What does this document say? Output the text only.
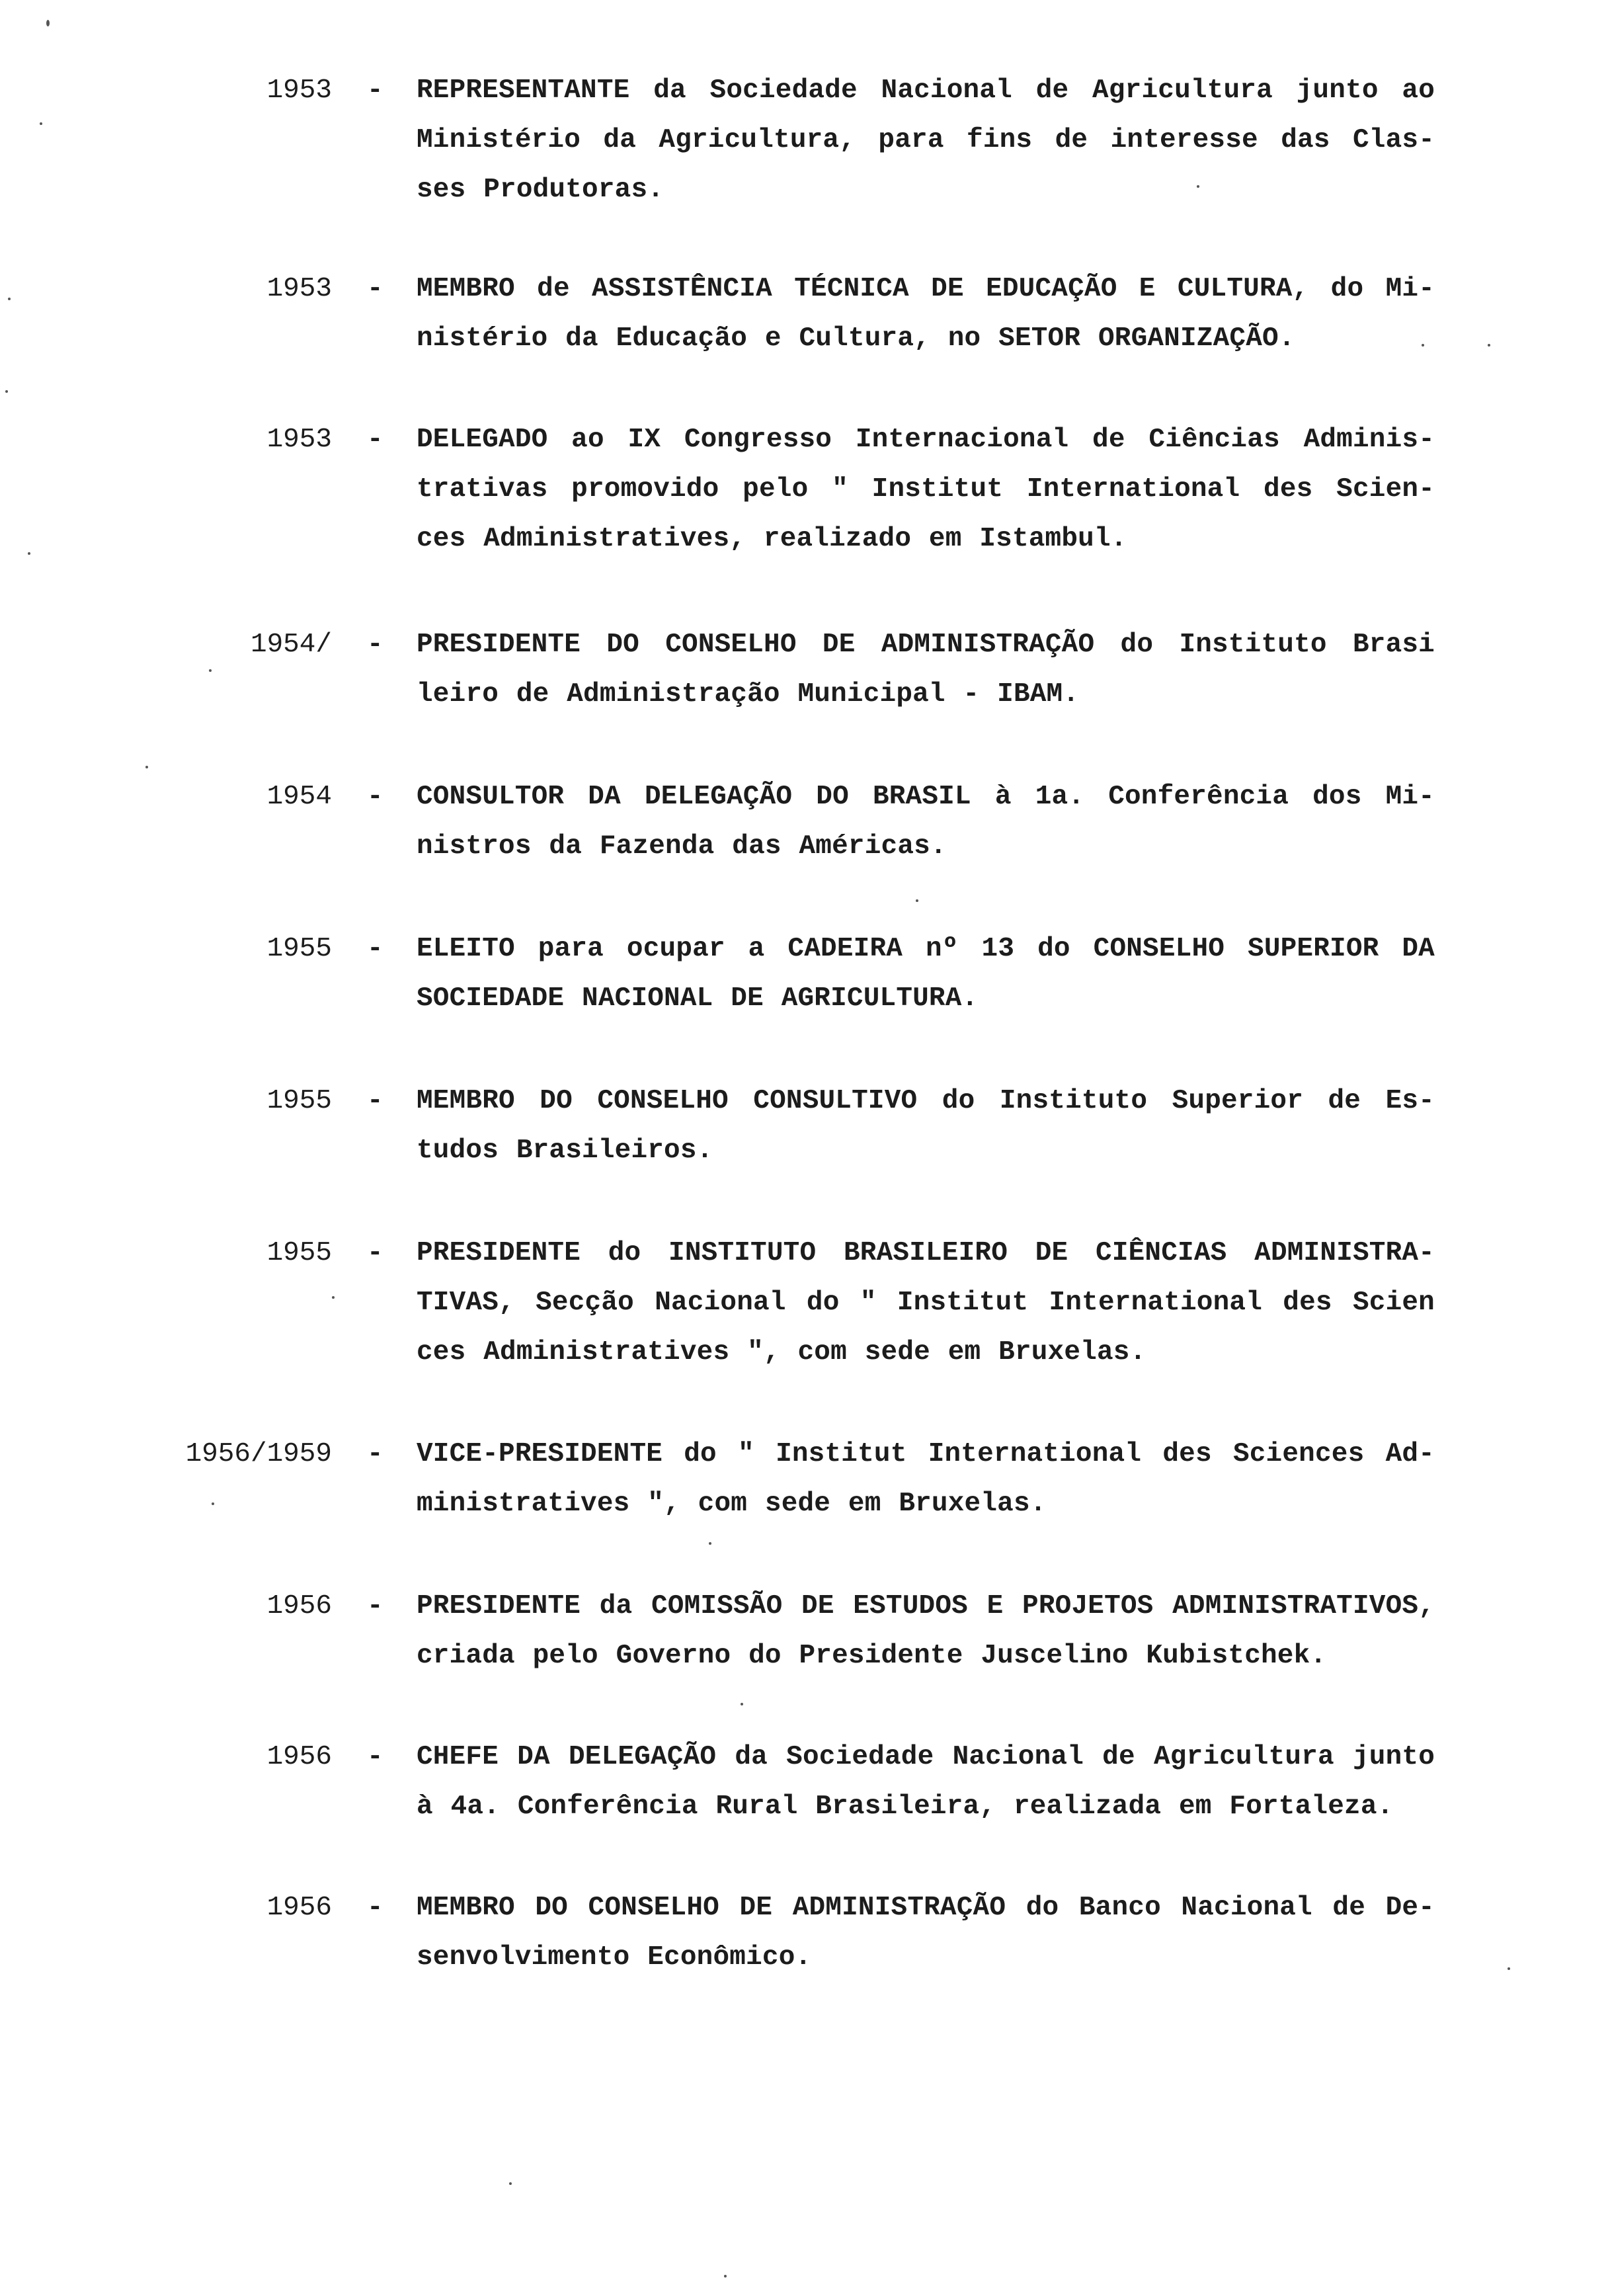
1953 - REPRESENTANTE da Sociedade Nacional de Agricultura junto ao Ministério da Agricultura, para fins de interesse das Clas-ses Produtoras.

1953 - MEMBRO de ASSISTÊNCIA TÉCNICA DE EDUCAÇÃO E CULTURA, do Mi-nistério da Educação e Cultura, no SETOR ORGANIZAÇÃO.

1953 - DELEGADO ao IX Congresso Internacional de Ciências Adminis-trativas promovido pelo " Institut International des Scien-ces Administratives, realizado em Istambul.

1954/ - PRESIDENTE DO CONSELHO DE ADMINISTRAÇÃO do Instituto Brasi leiro de Administração Municipal - IBAM.

1954 - CONSULTOR DA DELEGAÇÃO DO BRASIL à 1a. Conferência dos Mi-nistros da Fazenda das Américas.

1955 - ELEITO para ocupar a CADEIRA nº 13 do CONSELHO SUPERIOR DA SOCIEDADE NACIONAL DE AGRICULTURA.

1955 - MEMBRO DO CONSELHO CONSULTIVO do Instituto Superior de Es-tudos Brasileiros.

1955 - PRESIDENTE do INSTITUTO BRASILEIRO DE CIÊNCIAS ADMINISTRA-TIVAS, Secção Nacional do " Institut International des Scien ces Administratives ", com sede em Bruxelas.

1956/1959 - VICE-PRESIDENTE do " Institut International des Sciences Ad-ministratives ", com sede em Bruxelas.

1956 - PRESIDENTE da COMISSÃO DE ESTUDOS E PROJETOS ADMINISTRATIVOS, criada pelo Governo do Presidente Juscelino Kubistchek.

1956 - CHEFE DA DELEGAÇÃO da Sociedade Nacional de Agricultura junto à 4a. Conferência Rural Brasileira, realizada em Fortaleza.

1956 - MEMBRO DO CONSELHO DE ADMINISTRAÇÃO do Banco Nacional de De-senvolvimento Econômico.
